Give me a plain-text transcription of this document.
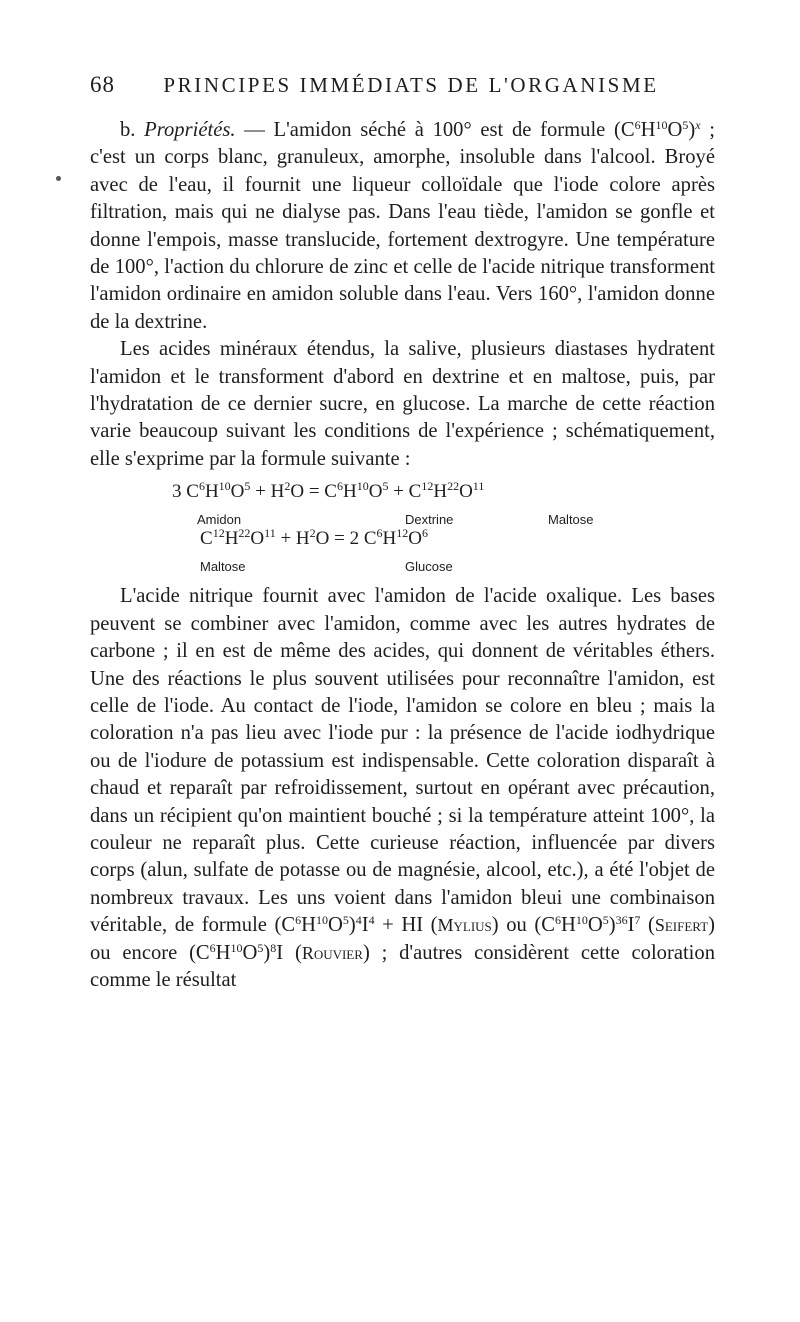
68	PRINCIPES IMMÉDIATS DE L'ORGANISME

b. Propriétés. — L'amidon séché à 100° est de formule $(C^6H^{10}O^5)^x$ ; c'est un corps blanc, granuleux, amorphe, insoluble dans l'alcool. Broyé avec de l'eau, il fournit une liqueur colloïdale que l'iode colore après filtration, mais qui ne dialyse pas. Dans l'eau tiède, l'amidon se gonfle et donne l'empois, masse translucide, fortement dextrogyre. Une température de 100°, l'action du chlorure de zinc et celle de l'acide nitrique transforment l'amidon ordinaire en amidon soluble dans l'eau. Vers 160°, l'amidon donne de la dextrine.

Les acides minéraux étendus, la salive, plusieurs diastases hydratent l'amidon et le transforment d'abord en dextrine et en maltose, puis, par l'hydratation de ce dernier sucre, en glucose. La marche de cette réaction varie beaucoup suivant les conditions de l'expérience ; schématiquement, elle s'exprime par la formule suivante :

3 $C^6H^{10}O^5 + H^2O = C^6H^{10}O^5 + C^{12}H^{22}O^{11}$
Amidon	Dextrine	Maltose
$C^{12}H^{22}O^{11} + H^2O = 2$ $C^6H^{12}O^6$
Maltose	Glucose

L'acide nitrique fournit avec l'amidon de l'acide oxalique. Les bases peuvent se combiner avec l'amidon, comme avec les autres hydrates de carbone ; il en est de même des acides, qui donnent de véritables éthers. Une des réactions le plus souvent utilisées pour reconnaître l'amidon, est celle de l'iode. Au contact de l'iode, l'amidon se colore en bleu ; mais la coloration n'a pas lieu avec l'iode pur : la présence de l'acide iodhydrique ou de l'iodure de potassium est indispensable. Cette coloration disparaît à chaud et reparaît par refroidissement, surtout en opérant avec précaution, dans un récipient qu'on maintient bouché ; si la température atteint 100°, la couleur ne reparaît plus. Cette curieuse réaction, influencée par divers corps (alun, sulfate de potasse ou de magnésie, alcool, etc.), a été l'objet de nombreux travaux. Les uns voient dans l'amidon bleui une combinaison véritable, de formule $(C^6H^{10}O^5)^4I^4$ + HI (Mylius) ou $(C^6H^{10}O^5)^{36}I^7$ (Seifert) ou encore $(C^6H^{10}O^5)^8I$ (Rouvier) ; d'autres considèrent cette coloration comme le résultat
